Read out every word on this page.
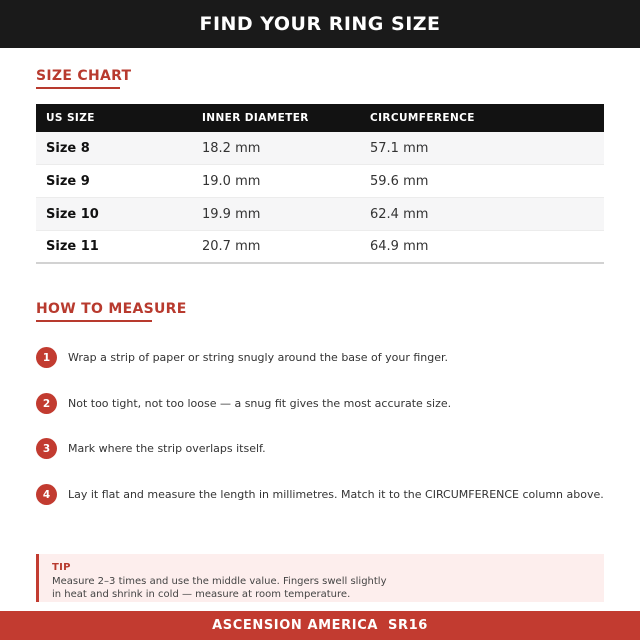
FIND YOUR RING SIZE
SIZE CHART
US SIZE	INNER DIAMETER	CIRCUMFERENCE
Size 8	18.2 mm	57.1 mm
Size 9	19.0 mm	59.6 mm
Size 10	19.9 mm	62.4 mm
Size 11	20.7 mm	64.9 mm
HOW TO MEASURE
1	Wrap a strip of paper or string snugly around the base of your finger.
2	Not too tight, not too loose — a snug fit gives the most accurate size.
3	Mark where the strip overlaps itself.
4	Lay it flat and measure the length in millimetres. Match it to the CIRCUMFERENCE column above.
TIP
Measure 2–3 times and use the middle value. Fingers swell slightly
in heat and shrink in cold — measure at room temperature.
ASCENSION AMERICA SR16
